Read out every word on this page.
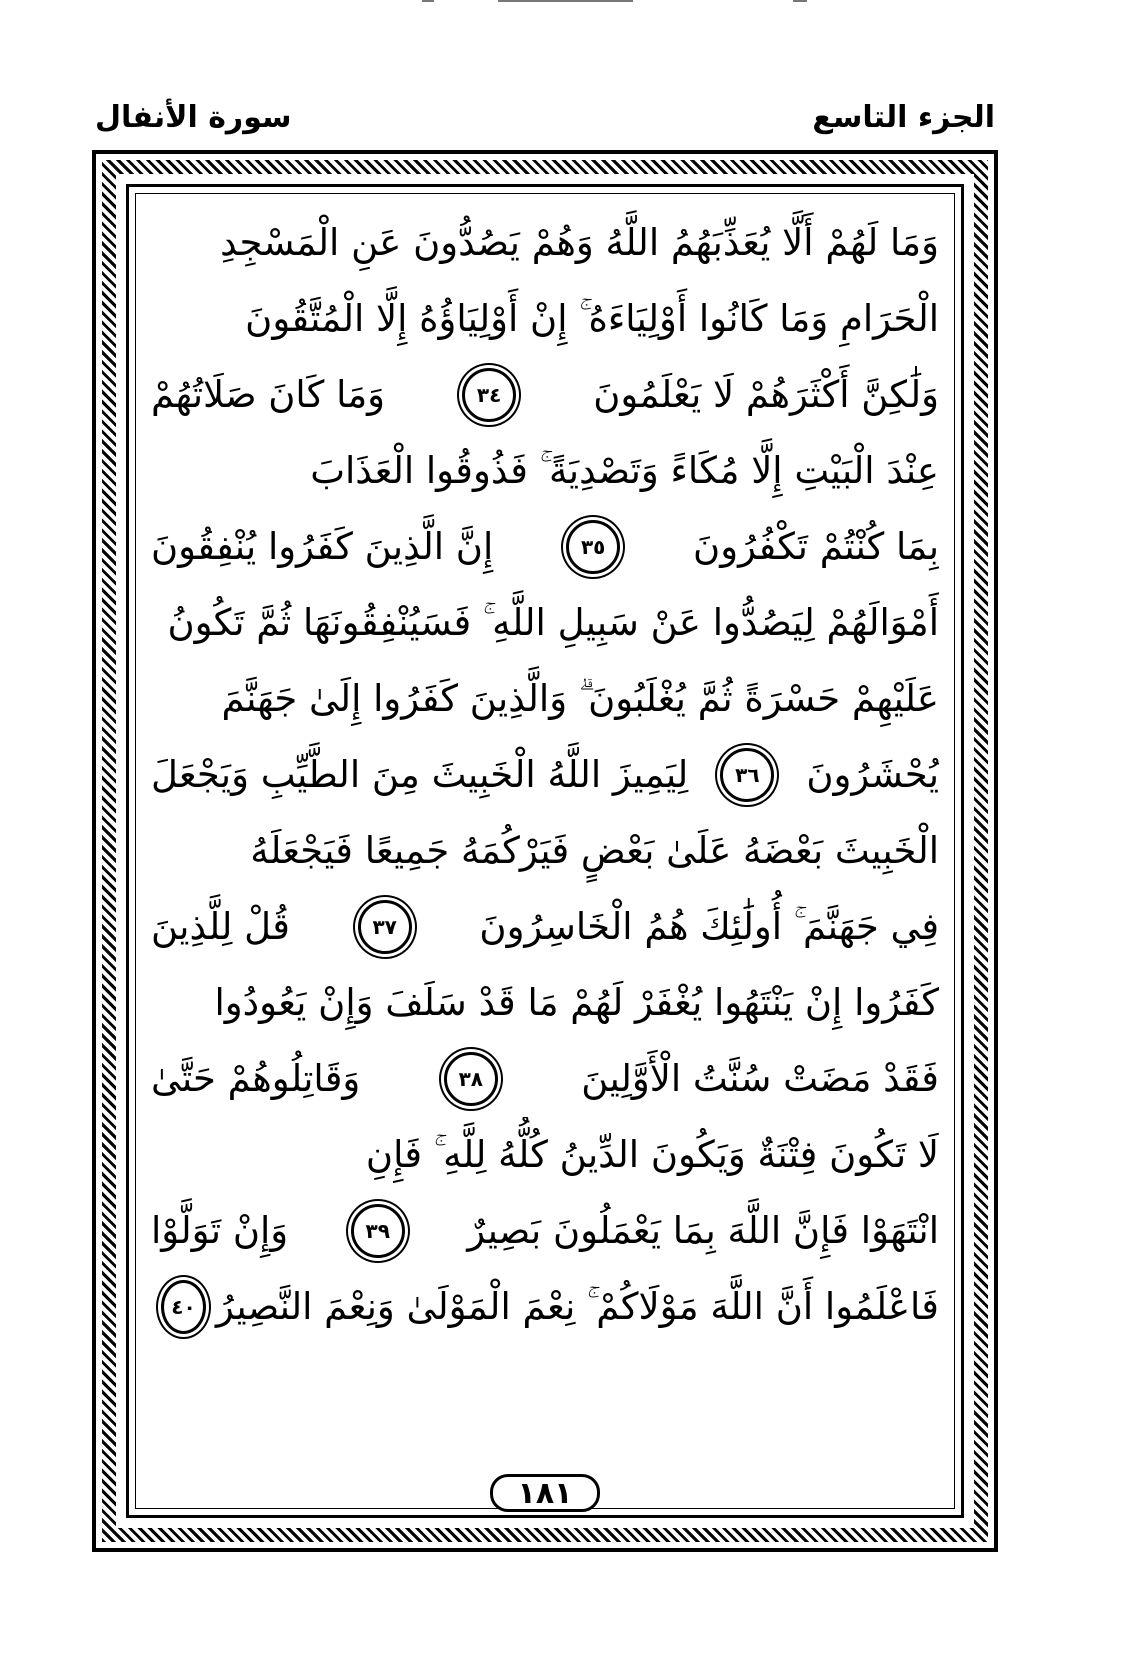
الجزء التاسع
سورة الأنفال
وَمَا لَهُمْ أَلَّا يُعَذِّبَهُمُ اللَّهُ وَهُمْ يَصُدُّونَ عَنِ الْمَسْجِدِ
الْحَرَامِ وَمَا كَانُوا أَوْلِيَاءَهُ ۚ إِنْ أَوْلِيَاؤُهُ إِلَّا الْمُتَّقُونَ
وَلَٰكِنَّ أَكْثَرَهُمْ لَا يَعْلَمُونَ
٣٤
وَمَا كَانَ صَلَاتُهُمْ
عِنْدَ الْبَيْتِ إِلَّا مُكَاءً وَتَصْدِيَةً ۚ فَذُوقُوا الْعَذَابَ
بِمَا كُنْتُمْ تَكْفُرُونَ
٣٥
إِنَّ الَّذِينَ كَفَرُوا يُنْفِقُونَ
أَمْوَالَهُمْ لِيَصُدُّوا عَنْ سَبِيلِ اللَّهِ ۚ فَسَيُنْفِقُونَهَا ثُمَّ تَكُونُ
عَلَيْهِمْ حَسْرَةً ثُمَّ يُغْلَبُونَ ۗ وَالَّذِينَ كَفَرُوا إِلَىٰ جَهَنَّمَ
يُحْشَرُونَ
٣٦
لِيَمِيزَ اللَّهُ الْخَبِيثَ مِنَ الطَّيِّبِ وَيَجْعَلَ
الْخَبِيثَ بَعْضَهُ عَلَىٰ بَعْضٍ فَيَرْكُمَهُ جَمِيعًا فَيَجْعَلَهُ
فِي جَهَنَّمَ ۚ أُولَٰئِكَ هُمُ الْخَاسِرُونَ
٣٧
قُلْ لِلَّذِينَ
كَفَرُوا إِنْ يَنْتَهُوا يُغْفَرْ لَهُمْ مَا قَدْ سَلَفَ وَإِنْ يَعُودُوا
فَقَدْ مَضَتْ سُنَّتُ الْأَوَّلِينَ
٣٨
وَقَاتِلُوهُمْ حَتَّىٰ
لَا تَكُونَ فِتْنَةٌ وَيَكُونَ الدِّينُ كُلُّهُ لِلَّهِ ۚ فَإِنِ
انْتَهَوْا فَإِنَّ اللَّهَ بِمَا يَعْمَلُونَ بَصِيرٌ
٣٩
وَإِنْ تَوَلَّوْا
فَاعْلَمُوا أَنَّ اللَّهَ مَوْلَاكُمْ ۚ نِعْمَ الْمَوْلَىٰ وَنِعْمَ النَّصِيرُ
٤٠
١٨١
